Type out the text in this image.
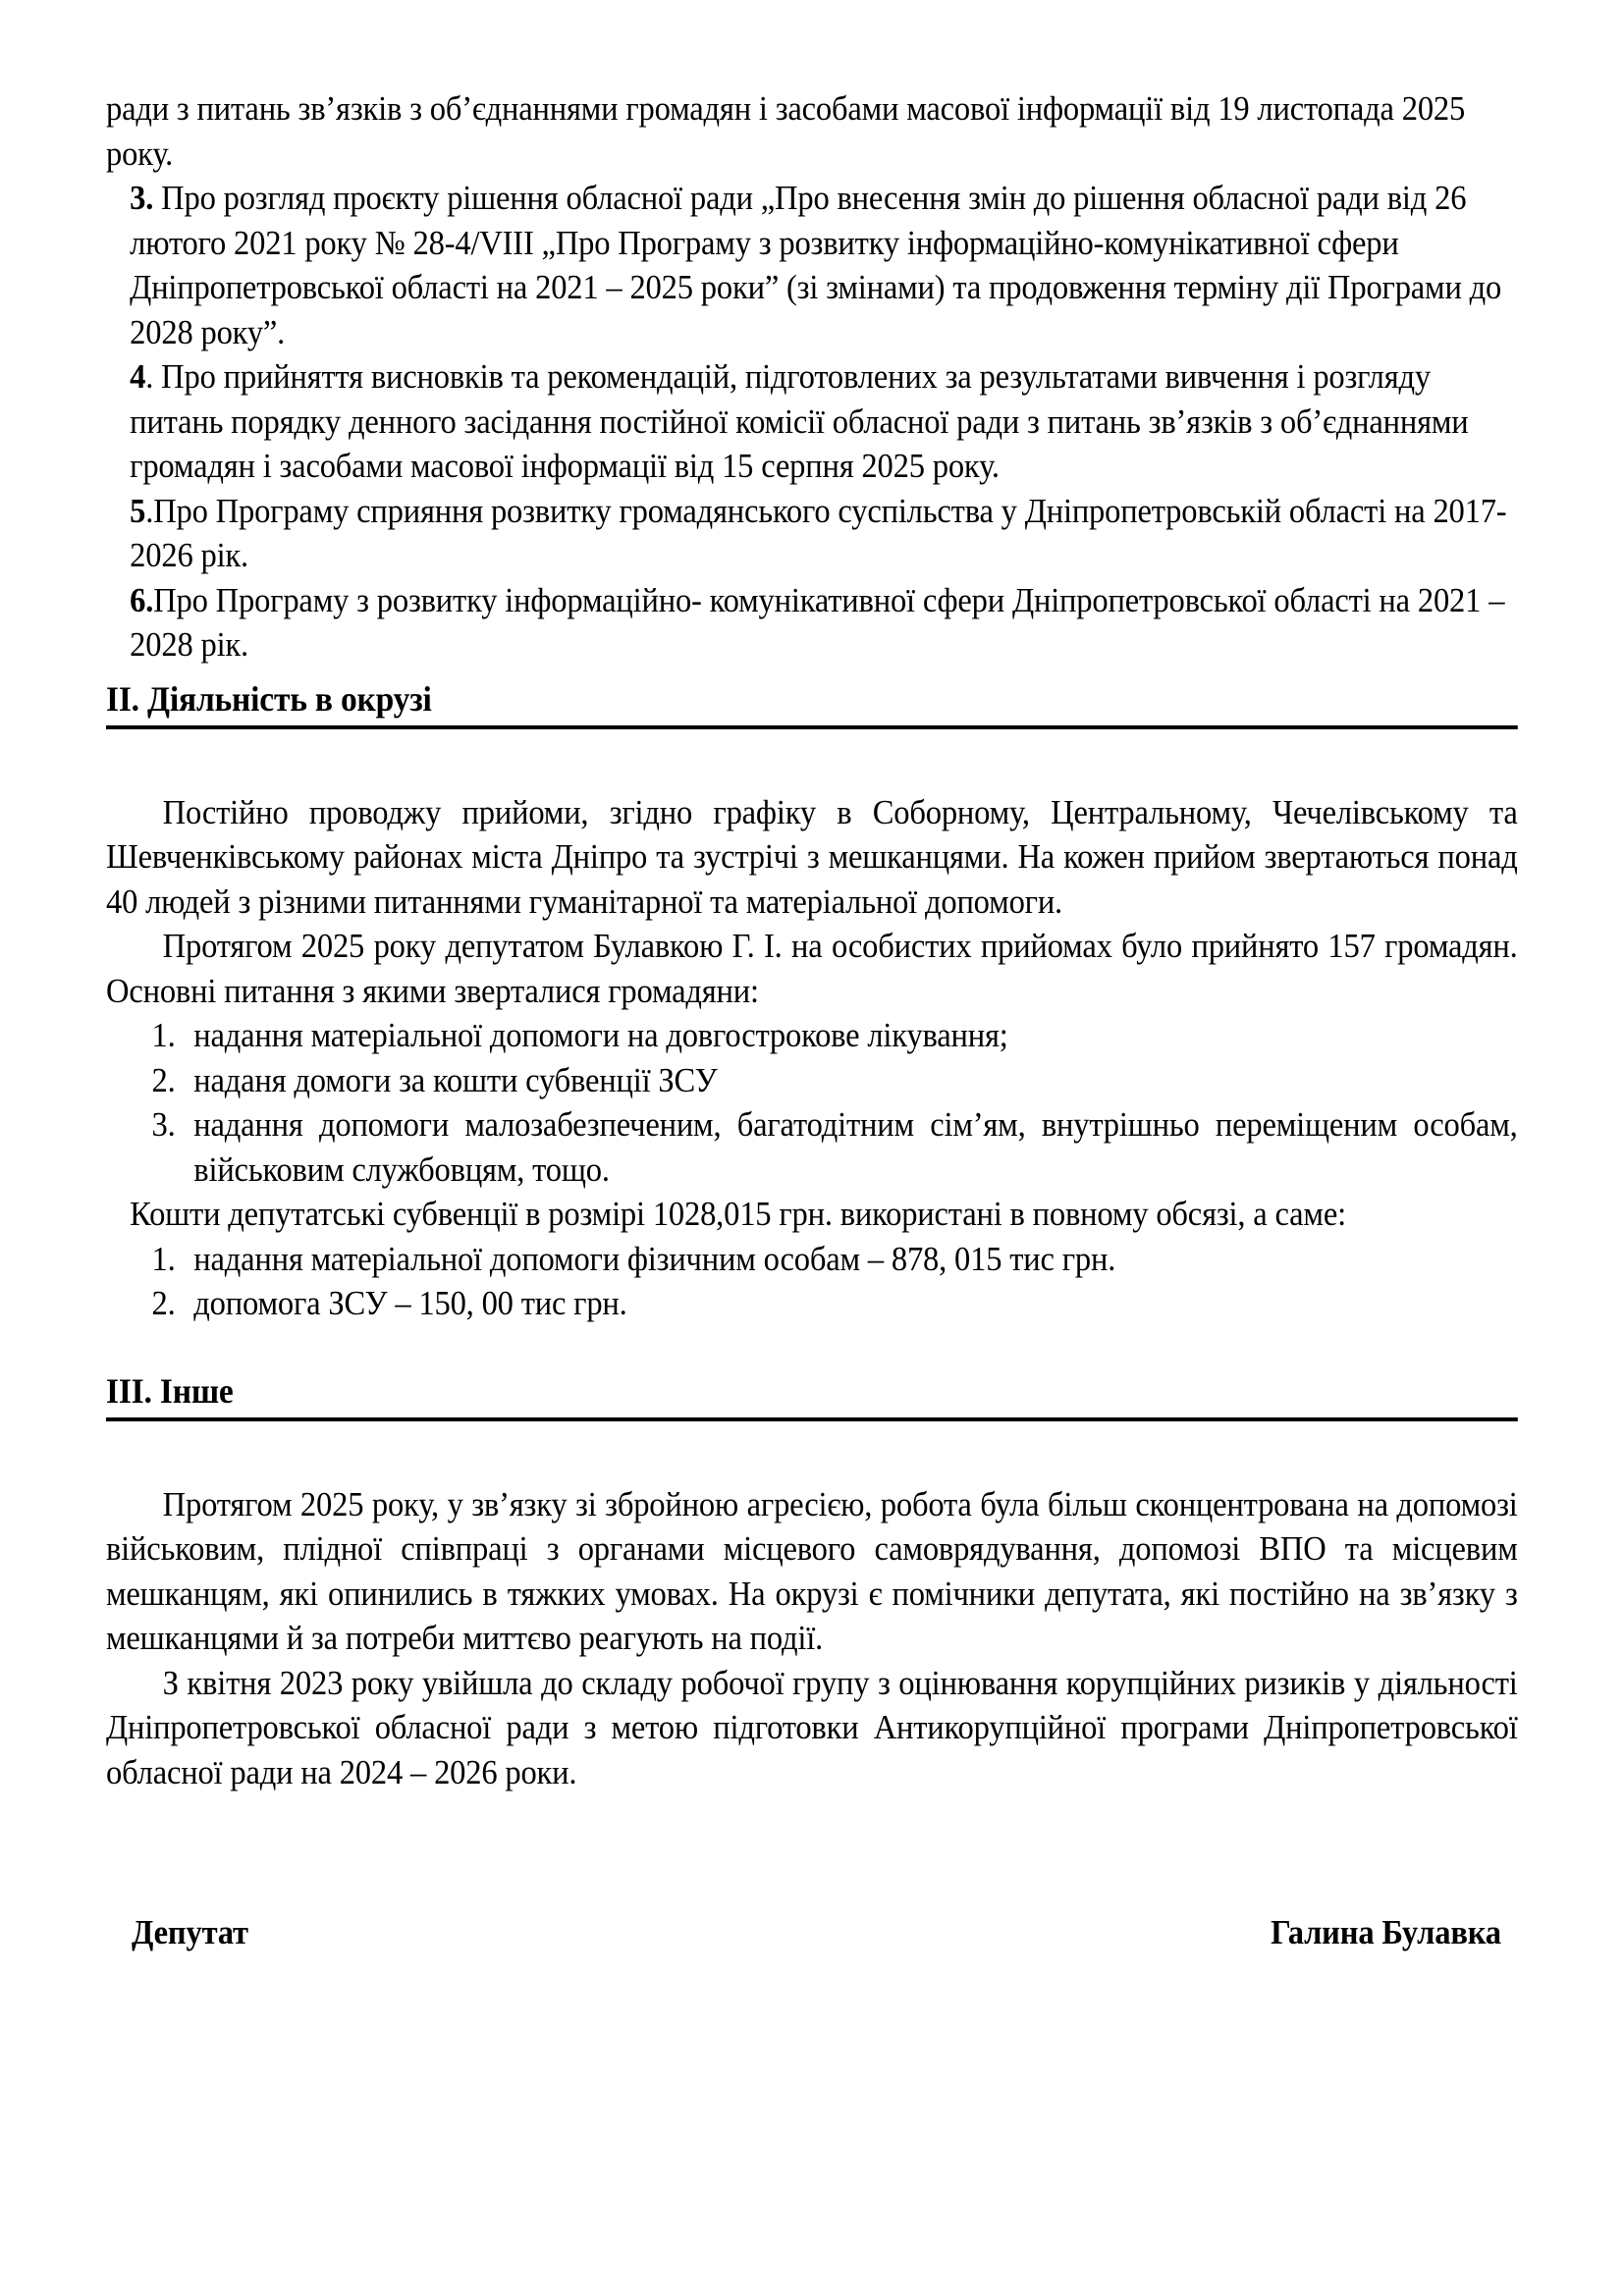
ради з питань зв’язків з об’єднаннями громадян і засобами масової інформації від 19 листопада 2025 року.

3. Про розгляд проєкту рішення обласної ради „Про внесення змін до рішення обласної ради від 26 лютого 2021 року № 28-4/VIII „Про Програму з розвитку інформаційно-комунікативної сфери Дніпропетровської області на 2021 – 2025 роки” (зі змінами) та продовження терміну дії Програми до 2028 року”.

4. Про прийняття висновків та рекомендацій, підготовлених за результатами вивчення і розгляду питань порядку денного засідання постійної комісії обласної ради з питань зв’язків з об’єднаннями громадян і засобами масової інформації від 15 серпня 2025 року.

5.Про Програму сприяння розвитку громадянського суспільства у Дніпропетровській області на 2017- 2026 рік.

6.Про Програму з розвитку інформаційно- комунікативної сфери Дніпропетровської області на 2021 – 2028 рік.

II. Діяльність в окрузі

Постійно проводжу прийоми, згідно графіку в Соборному, Центральному, Чечелівському та Шевченківському районах міста Дніпро та зустрічі з мешканцями. На кожен прийом звертаються понад 40 людей з різними питаннями гуманітарної та матеріальної допомоги.

Протягом 2025 року депутатом Булавкою Г. І. на особистих прийомах було прийнято 157 громадян. Основні питання з якими зверталися громадяни:

1. надання матеріальної допомоги на довгострокове лікування;
2. наданя домоги за кошти субвенції ЗСУ
3. надання допомоги малозабезпеченим, багатодітним сім’ям, внутрішньо переміщеним особам, військовим службовцям, тощо.

Кошти депутатські субвенції в розмірі 1028,015 грн. використані в повному обсязі, а саме:

1. надання матеріальної допомоги фізичним особам – 878, 015 тис грн.
2. допомога ЗСУ – 150, 00 тис грн.
III. Інше

Протягом 2025 року, у зв’язку зі збройною агресією, робота була більш сконцентрована на допомозі військовим, плідної співпраці з органами місцевого самоврядування, допомозі ВПО та місцевим мешканцям, які опинились в тяжких умовах. На окрузі є помічники депутата, які постійно на зв’язку з мешканцями й за потреби миттєво реагують на події.

З квітня 2023 року увійшла до складу робочої групу з оцінювання корупційних ризиків у діяльності Дніпропетровської обласної ради з метою підготовки Антикорупційної програми Дніпропетровської обласної ради на 2024 – 2026 роки.

Депутат	Галина Булавка
